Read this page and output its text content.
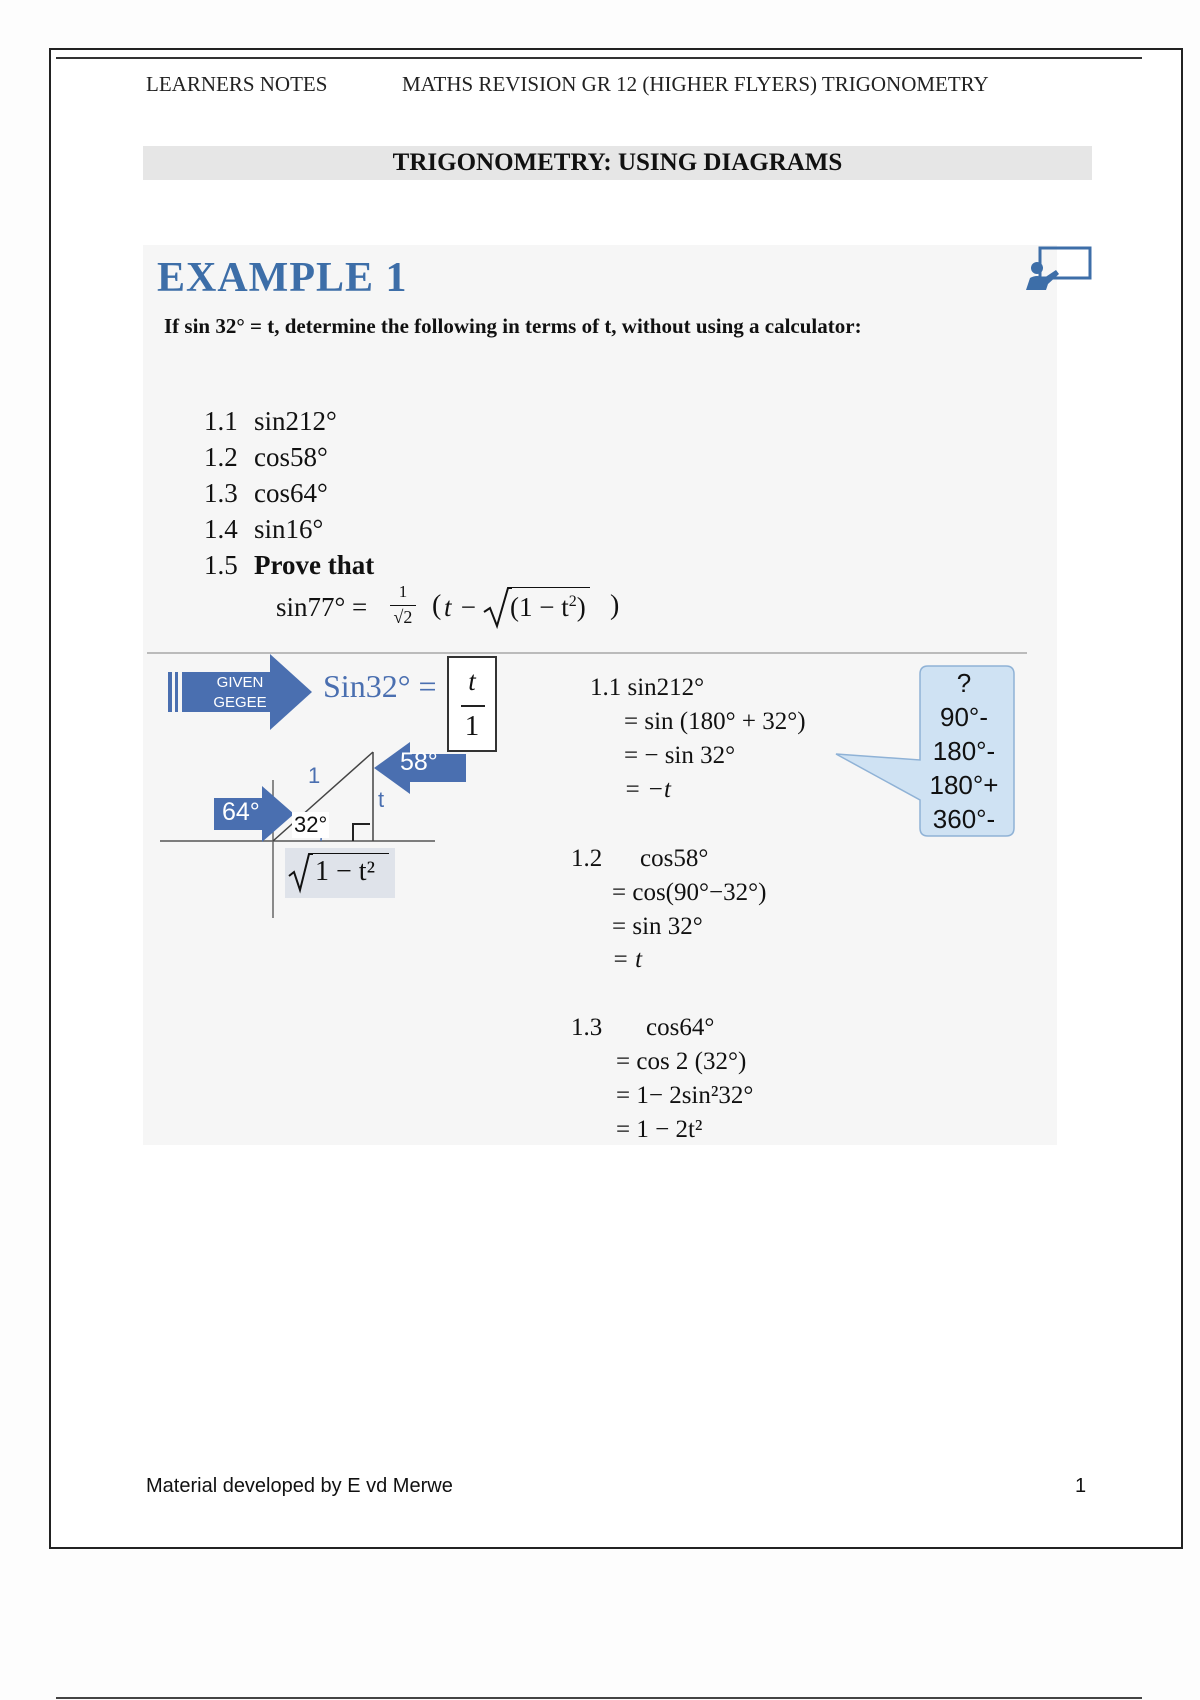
LEARNERS NOTES	MATHS REVISION GR 12 (HIGHER FLYERS) TRIGONOMETRY
TRIGONOMETRY: USING DIAGRAMS
EXAMPLE 1
If sin 32° = t, determine the following in terms of t, without using a calculator:
1.1 sin212°
1.2 cos58°
1.3 cos64°
1.4 sin16°
1.5 Prove that
sin77° =
1
√2 ( $t - (1 - t^2)$ )
GIVEN
GEGEE	Sin32° =	t
1
58°
64° 32°
1
t
1 − t²
1.1 sin212°
= sin (180° + 32°)
= − sin 32°
= −t
?
90°-
180°-
180°+
360°-
1.2 cos58°
= cos(90°−32°)
= sin 32°
= t
1.3 cos64°
= cos 2 (32°)
= 1− 2sin²32°
= 1 − 2t²
Material developed by E vd Merwe	1
